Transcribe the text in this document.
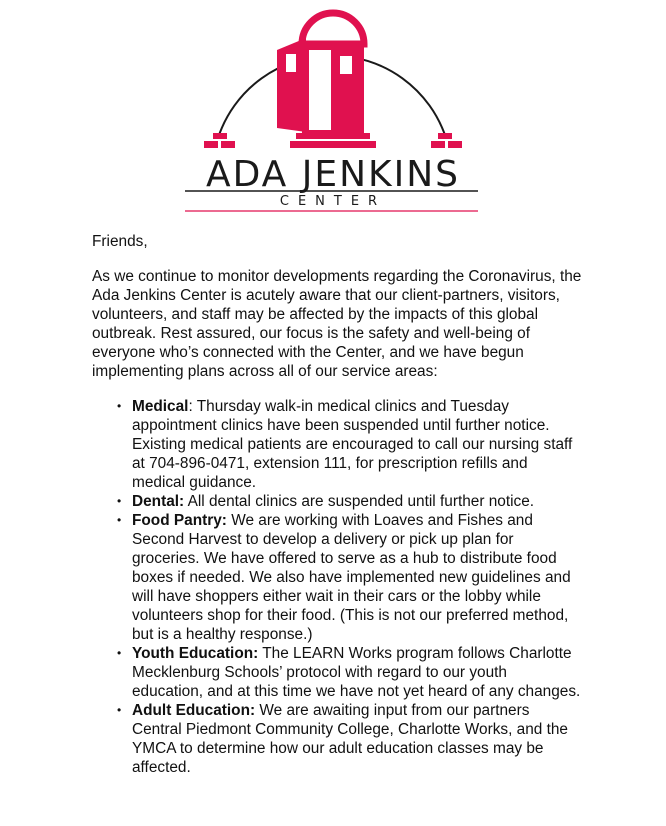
ADA JENKINS
CENTER

Friends,

As we continue to monitor developments regarding the Coronavirus, the Ada Jenkins Center is acutely aware that our client-partners, visitors, volunteers, and staff may be affected by the impacts of this global outbreak. Rest assured, our focus is the safety and well-being of everyone who’s connected with the Center, and we have begun implementing plans across all of our service areas:

• Medical: Thursday walk-in medical clinics and Tuesday appointment clinics have been suspended until further notice. Existing medical patients are encouraged to call our nursing staff at 704-896-0471, extension 111, for prescription refills and medical guidance.
• Dental: All dental clinics are suspended until further notice.
• Food Pantry: We are working with Loaves and Fishes and Second Harvest to develop a delivery or pick up plan for groceries. We have offered to serve as a hub to distribute food boxes if needed. We also have implemented new guidelines and will have shoppers either wait in their cars or the lobby while volunteers shop for their food. (This is not our preferred method, but is a healthy response.)
• Youth Education: The LEARN Works program follows Charlotte Mecklenburg Schools’ protocol with regard to our youth education, and at this time we have not yet heard of any changes.
• Adult Education: We are awaiting input from our partners Central Piedmont Community College, Charlotte Works, and the YMCA to determine how our adult education classes may be affected.
